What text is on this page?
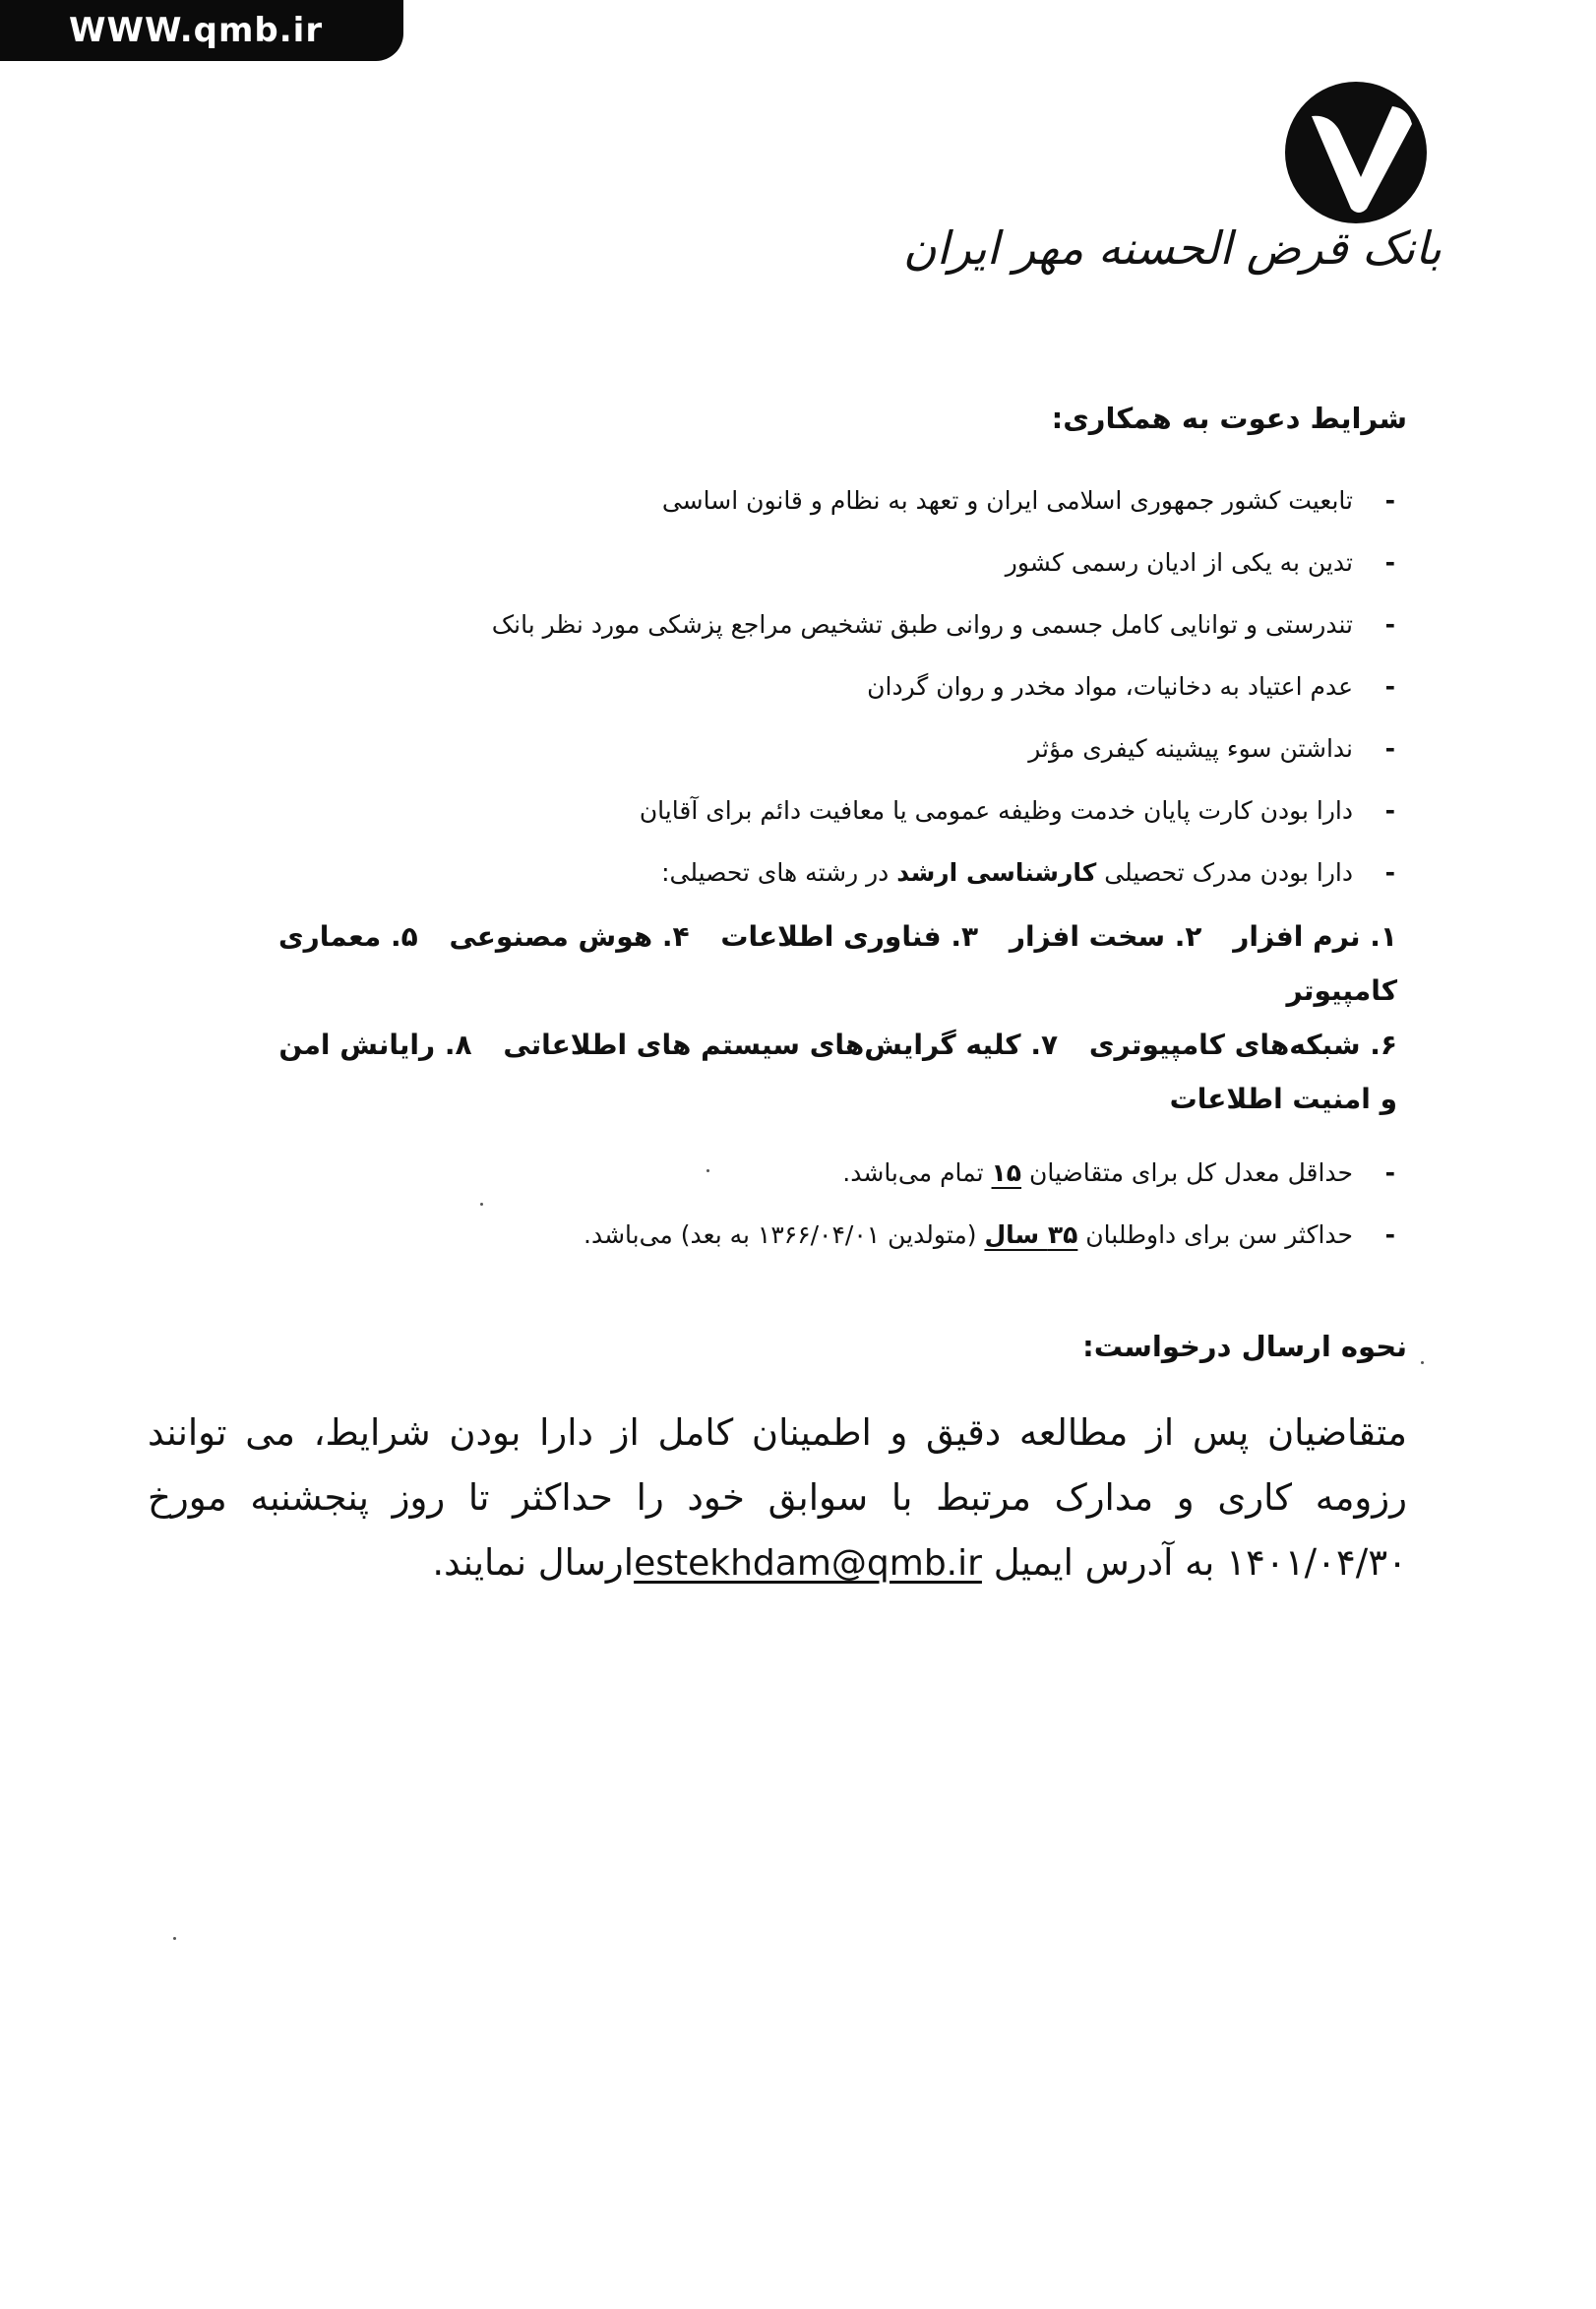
WWW.qmb.ir
بانک قرض الحسنه مهر ایران
شرایط دعوت به همکاری:
-
تابعیت کشور جمهوری اسلامی ایران و تعهد به نظام و قانون اساسی
-
تدین به یکی از ادیان رسمی کشور
-
تندرستی و توانایی کامل جسمی و روانی طبق تشخیص مراجع پزشکی مورد نظر بانک
-
عدم اعتیاد به دخانیات، مواد مخدر و روان گردان
-
نداشتن سوء پیشینه کیفری مؤثر
-
دارا بودن کارت پایان خدمت وظیفه عمومی یا معافیت دائم برای آقایان
-
دارا بودن مدرک تحصیلی کارشناسی ارشد در رشته های تحصیلی:
۱. نرم افزار ۲. سخت افزار ۳. فناوری اطلاعات ۴. هوش مصنوعی ۵. معماری کامپیوتر
۶. شبکه‌های کامپیوتری ۷. کلیه گرایش‌های سیستم های اطلاعاتی ۸. رایانش امن و امنیت اطلاعات
-
حداقل معدل کل برای متقاضیان ۱۵ تمام می‌باشد.
-
حداکثر سن برای داوطلبان ۳۵ سال (متولدین ۱۳۶۶/۰۴/۰۱ به بعد) می‌باشد.
نحوه ارسال درخواست:
متقاضیان پس از مطالعه دقیق و اطمینان کامل از دارا بودن شرایط، می توانند رزومه کاری و مدارک مرتبط با سوابق خود را حداکثر تا روز پنجشنبه مورخ ۱۴۰۱/۰۴/۳۰ به آدرس ایمیل estekhdam@qmb.irارسال نمایند.
